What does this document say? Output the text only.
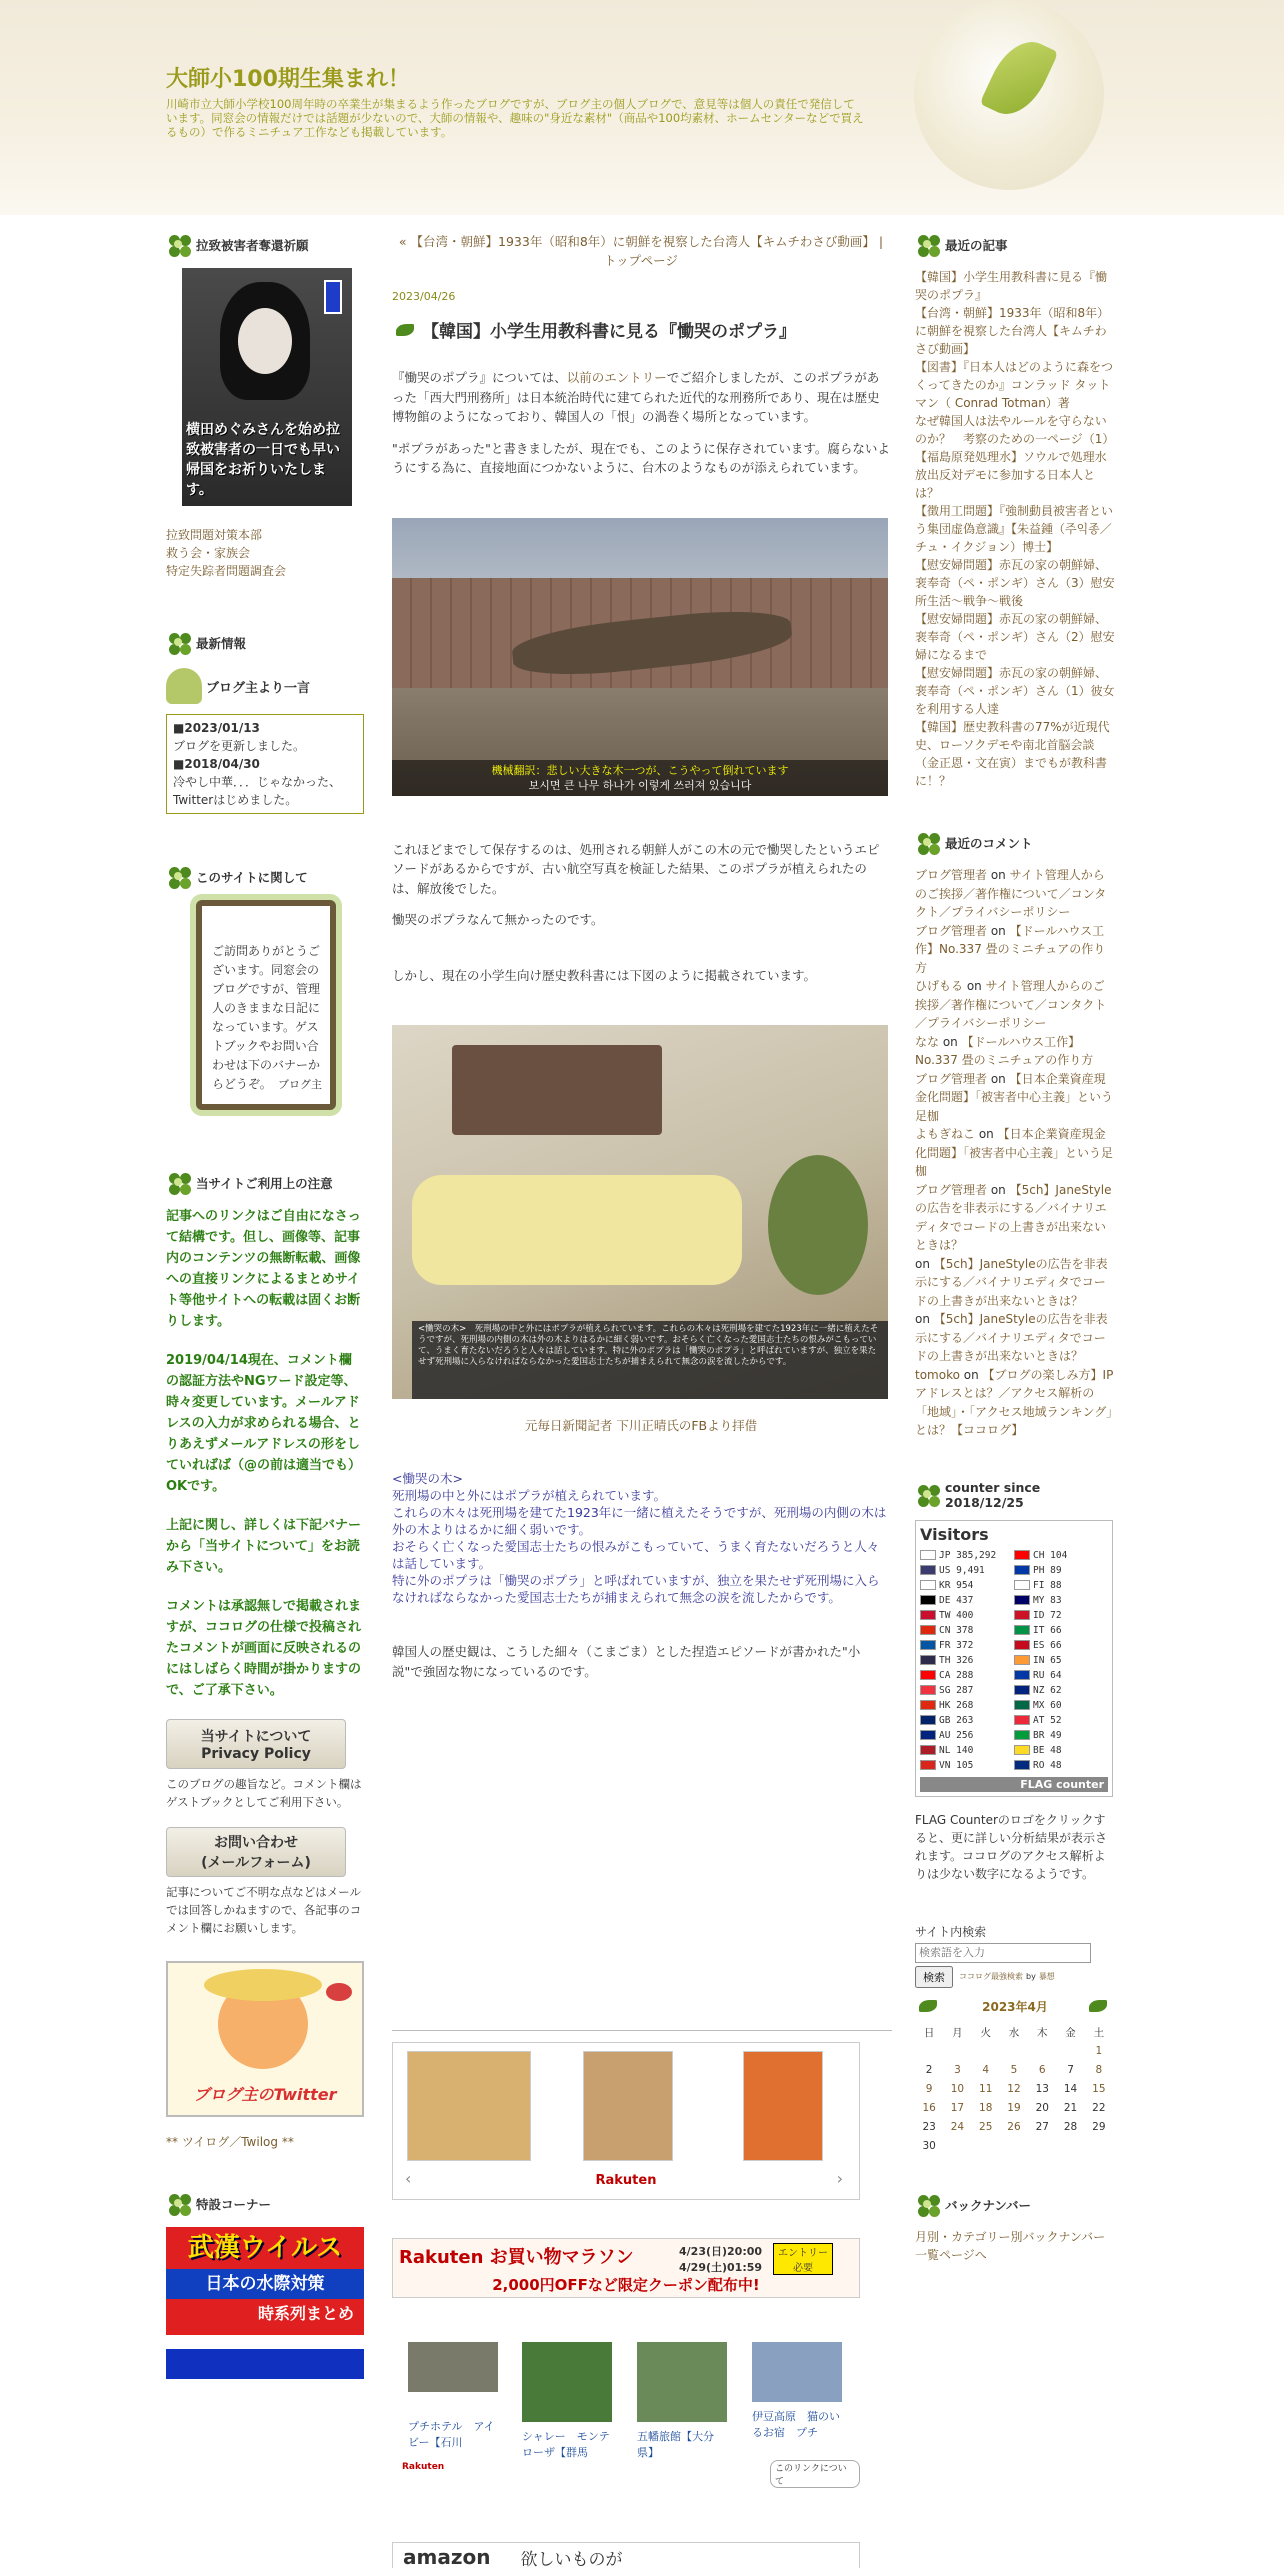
大師小100期生集まれ！
川崎市立大師小学校100周年時の卒業生が集まるよう作ったブログですが、ブログ主の個人ブログで、意見等は個人の責任で発信しています。同窓会の情報だけでは話題が少ないので、大師の情報や、趣味の"身近な素材"（商品や100均素材、ホームセンターなどで買えるもの）で作るミニチュア工作なども掲載しています。
拉致被害者奪還祈願
横田めぐみさんを始め拉致被害者の一日でも早い帰国をお祈りいたします。
拉致問題対策本部
救う会・家族会
特定失踪者問題調査会
最新情報
ブログ主より一言
■2023/01/13
ブログを更新しました。
■2018/04/30
冷やし中華．．．じゃなかった、Twitterはじめました。
このサイトに関して
ご訪問ありがとうございます。同窓会のブログですが、管理人のきままな日記になっています。ゲストブックやお問い合わせは下のバナーからどうぞ。 ブログ主
当サイトご利用上の注意
記事へのリンクはご自由になさって結構です。但し、画像等、記事内のコンテンツの無断転載、画像への直接リンクによるまとめサイト等他サイトへの転載は固くお断りします。
2019/04/14現在、コメント欄の認証方法やNGワード設定等、時々変更しています。メールアドレスの入力が求められる場合、とりあえずメールアドレスの形をしていればば（@の前は適当でも）OKです。
上記に関し、詳しくは下記バナーから「当サイトについて」をお読み下さい。
コメントは承認無しで掲載されますが、ココログの仕様で投稿されたコメントが画面に反映されるのにはしばらく時間が掛かりますので、ご了承下さい。
当サイトについて
Privacy Policy
このブログの趣旨など。コメント欄はゲストブックとしてご利用下さい。
お問い合わせ
(メールフォーム)
記事についてご不明な点などはメールでは回答しかねますので、各記事のコメント欄にお願いします。
ブログ主のTwitter
** ツイログ／Twilog **
特設コーナー
武漢ウイルス
日本の水際対策
時系列まとめ
« 【台湾・朝鮮】1933年（昭和8年）に朝鮮を視察した台湾人【キムチわさび動画】 | トップページ
2023/04/26
【韓国】小学生用教科書に見る『慟哭のポプラ』
『慟哭のポプラ』については、以前のエントリーでご紹介しましたが、このポプラがあった「西大門刑務所」は日本統治時代に建てられた近代的な刑務所であり、現在は歴史博物館のようになっており、韓国人の「恨」の渦巻く場所となっています。
"ポプラがあった"と書きましたが、現在でも、このように保存されています。腐らないようにする為に、直接地面につかないように、台木のようなものが添えられています。
機械翻訳：悲しい大きな木一つが、こうやって倒れています
보시면 큰 나무 하나가 이렇게 쓰러져 있습니다
これほどまでして保存するのは、処刑される朝鮮人がこの木の元で慟哭したというエピソードがあるからですが、古い航空写真を検証した結果、このポプラが植えられたのは、解放後でした。
慟哭のポプラなんて無かったのです。
しかし、現在の小学生向け歴史教科書には下図のように掲載されています。
<慟哭の木>　死刑場の中と外にはポプラが植えられています。これらの木々は死刑場を建てた1923年に一緒に植えたそうですが、死刑場の内側の木は外の木よりはるかに細く弱いです。おそらく亡くなった愛国志士たちの恨みがこもっていて、うまく育たないだろうと人々は話しています。特に外のポプラは「慟哭のポプラ」と呼ばれていますが、独立を果たせず死刑場に入らなければならなかった愛国志士たちが捕まえられて無念の涙を流したからです。
元毎日新聞記者 下川正晴氏のFBより拝借
<慟哭の木>
死刑場の中と外にはポプラが植えられています。
これらの木々は死刑場を建てた1923年に一緒に植えたそうですが、死刑場の内側の木は外の木よりはるかに細く弱いです。
おそらく亡くなった愛国志士たちの恨みがこもっていて、うまく育たないだろうと人々は話しています。
特に外のポプラは「慟哭のポプラ」と呼ばれていますが、独立を果たせず死刑場に入らなければならなかった愛国志士たちが捕まえられて無念の涙を流したからです。
韓国人の歴史観は、こうした細々（こまごま）とした捏造エピソードが書かれた"小説"で強固な物になっているのです。
‹	›
Rakuten
Rakuten お買い物マラソン	4/23(日)20:00
4/29(土)01:59
エントリー必要
2,000円OFFなど限定クーポン配布中!
プチホテル　アイビー【石川	シャレー　モンテローザ【群馬
五幡旅館【大分県】
伊豆高原　猫のいるお宿　プチ
Rakuten	このリンクについて
amazon 欲しいものが
最近の記事
【韓国】小学生用教科書に見る『慟哭のポプラ』
【台湾・朝鮮】1933年（昭和8年）に朝鮮を視察した台湾人【キムチわさび動画】
【図書】『日本人はどのように森をつくってきたのか』コンラッド タットマン（ Conrad Totman）著
なぜ韓国人は法やルールを守らないのか？　考察のための一ページ（1）
【福島原発処理水】ソウルで処理水放出反対デモに参加する日本人とは？
【徴用工問題】『強制動員被害者という集団虚偽意識』【朱益鍾（주익종／チュ・イクジョン）博士】
【慰安婦問題】赤瓦の家の朝鮮婦、裵奉奇（ペ・ポンギ）さん（3）慰安所生活～戦争～戦後
【慰安婦問題】赤瓦の家の朝鮮婦、裵奉奇（ペ・ポンギ）さん（2）慰安婦になるまで
【慰安婦問題】赤瓦の家の朝鮮婦、裵奉奇（ペ・ポンギ）さん（1）彼女を利用する人達
【韓国】歴史教科書の77%が近現代史、ローソクデモや南北首脳会談（金正恩・文在寅）までもが教科書に！？
最近のコメント
ブログ管理者 on サイト管理人からのご挨拶／著作権について／コンタクト／プライバシーポリシー
ブログ管理者 on 【ドールハウス工作】No.337 畳のミニチュアの作り方
ひげもる on サイト管理人からのご挨拶／著作権について／コンタクト／プライバシーポリシー
なな on 【ドールハウス工作】No.337 畳のミニチュアの作り方
ブログ管理者 on 【日本企業資産現金化問題】「被害者中心主義」という足枷
よもぎねこ on 【日本企業資産現金化問題】「被害者中心主義」という足枷
ブログ管理者 on 【5ch】JaneStyleの広告を非表示にする／バイナリエディタでコードの上書きが出来ないときは？
on 【5ch】JaneStyleの広告を非表示にする／バイナリエディタでコードの上書きが出来ないときは？
on 【5ch】JaneStyleの広告を非表示にする／バイナリエディタでコードの上書きが出来ないときは？
tomoko on 【ブログの楽しみ方】IPアドレスとは？／アクセス解析の「地域」・「アクセス地域ランキング」とは？【ココログ】
counter since 2018/12/25
Visitors
JP 385,292	CH 104
US 9,491	PH 89
KR 954	FI 88
DE 437	MY 83
TW 400	ID 72
CN 378	IT 66
FR 372	ES 66
TH 326	IN 65
CA 288	RU 64
SG 287	NZ 62
HK 268	MX 60
GB 263	AT 52
AU 256	BR 49
NL 140	BE 48
VN 105	RO 48
FLAG counter
FLAG Counterのロゴをクリックすると、更に詳しい分析結果が表示されます。ココログのアクセス解析よりは少ない数字になるようです。
サイト内検索
検索語を入力
検索	ココログ最強検索 by 暴想
2023年4月
日	月	火	水	木	金	土
						1
2	3	4	5	6	7	8
9	10	11	12	13	14	15
16	17	18	19	20	21	22
23	24	25	26	27	28	29
30						
バックナンバー
月別・カテゴリー別バックナンバー一覧ページへ
